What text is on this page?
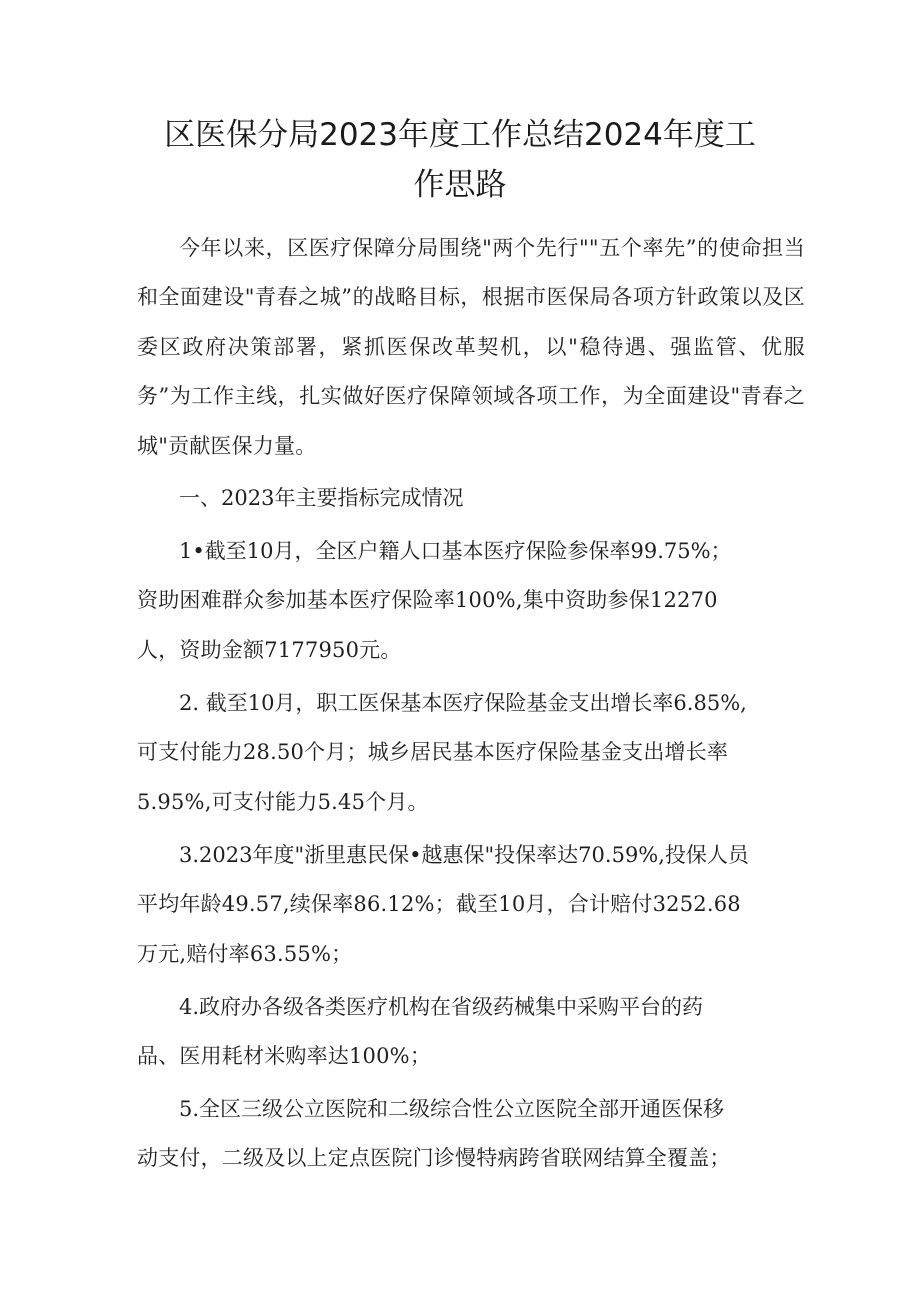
区医保分局2023年度工作总结2024年度工
作思路

今年以来，区医疗保障分局围绕"两个先行""五个率先”的使命担当和全面建设"青春之城”的战略目标，根据市医保局各项方针政策以及区委区政府决策部署，紧抓医保改革契机，以"稳待遇、强监管、优服务”为工作主线，扎实做好医疗保障领域各项工作，为全面建设"青春之城"贡献医保力量。

一、2023年主要指标完成情况

1•截至10月，全区户籍人口基本医疗保险参保率99.75%；

资助困难群众参加基本医疗保险率100%,集中资助参保12270

人，资助金额7177950元。

2. 截至10月，职工医保基本医疗保险基金支出增长率6.85%,

可支付能力28.50个月；城乡居民基本医疗保险基金支出增长率

5.95%,可支付能力5.45个月。

3.2023年度"浙里惠民保•越惠保"投保率达70.59%,投保人员

平均年龄49.57,续保率86.12%；截至10月，合计赔付3252.68

万元,赔付率63.55%；

4.政府办各级各类医疗机构在省级药械集中采购平台的药

品、医用耗材米购率达100%；

5.全区三级公立医院和二级综合性公立医院全部开通医保移

动支付，二级及以上定点医院门诊慢特病跨省联网结算全覆盖；
